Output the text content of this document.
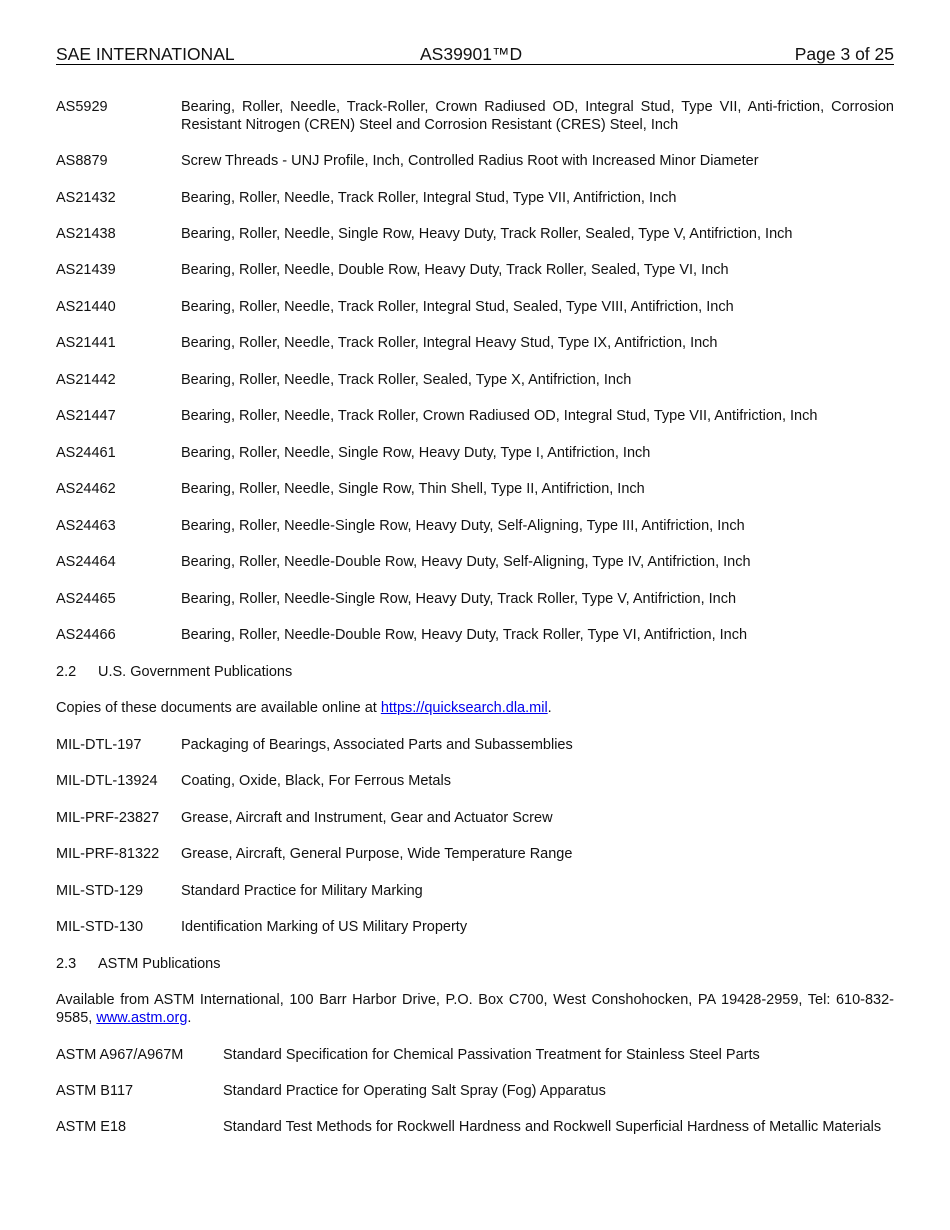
SAE INTERNATIONAL	AS39901™D	Page 3 of 25
AS5929	Bearing, Roller, Needle, Track-Roller, Crown Radiused OD, Integral Stud, Type VII, Anti-friction, Corrosion Resistant Nitrogen (CREN) Steel and Corrosion Resistant (CRES) Steel, Inch
AS8879	Screw Threads - UNJ Profile, Inch, Controlled Radius Root with Increased Minor Diameter
AS21432	Bearing, Roller, Needle, Track Roller, Integral Stud, Type VII, Antifriction, Inch
AS21438	Bearing, Roller, Needle, Single Row, Heavy Duty, Track Roller, Sealed, Type V, Antifriction, Inch
AS21439	Bearing, Roller, Needle, Double Row, Heavy Duty, Track Roller, Sealed, Type VI, Inch
AS21440	Bearing, Roller, Needle, Track Roller, Integral Stud, Sealed, Type VIII, Antifriction, Inch
AS21441	Bearing, Roller, Needle, Track Roller, Integral Heavy Stud, Type IX, Antifriction, Inch
AS21442	Bearing, Roller, Needle, Track Roller, Sealed, Type X, Antifriction, Inch
AS21447	Bearing, Roller, Needle, Track Roller, Crown Radiused OD, Integral Stud, Type VII, Antifriction, Inch
AS24461	Bearing, Roller, Needle, Single Row, Heavy Duty, Type I, Antifriction, Inch
AS24462	Bearing, Roller, Needle, Single Row, Thin Shell, Type II, Antifriction, Inch
AS24463	Bearing, Roller, Needle-Single Row, Heavy Duty, Self-Aligning, Type III, Antifriction, Inch
AS24464	Bearing, Roller, Needle-Double Row, Heavy Duty, Self-Aligning, Type IV, Antifriction, Inch
AS24465	Bearing, Roller, Needle-Single Row, Heavy Duty, Track Roller, Type V, Antifriction, Inch
AS24466	Bearing, Roller, Needle-Double Row, Heavy Duty, Track Roller, Type VI, Antifriction, Inch
2.2 U.S. Government Publications
Copies of these documents are available online at https://quicksearch.dla.mil.
MIL-DTL-197	Packaging of Bearings, Associated Parts and Subassemblies
MIL-DTL-13924 Coating, Oxide, Black, For Ferrous Metals
MIL-PRF-23827 Grease, Aircraft and Instrument, Gear and Actuator Screw
MIL-PRF-81322 Grease, Aircraft, General Purpose, Wide Temperature Range
MIL-STD-129	Standard Practice for Military Marking
MIL-STD-130	Identification Marking of US Military Property
2.3 ASTM Publications
Available from ASTM International, 100 Barr Harbor Drive, P.O. Box C700, West Conshohocken, PA 19428-2959, Tel: 610-832-9585, www.astm.org.
ASTM A967/A967M	Standard Specification for Chemical Passivation Treatment for Stainless Steel Parts
ASTM B117	Standard Practice for Operating Salt Spray (Fog) Apparatus
ASTM E18	Standard Test Methods for Rockwell Hardness and Rockwell Superficial Hardness of Metallic Materials
